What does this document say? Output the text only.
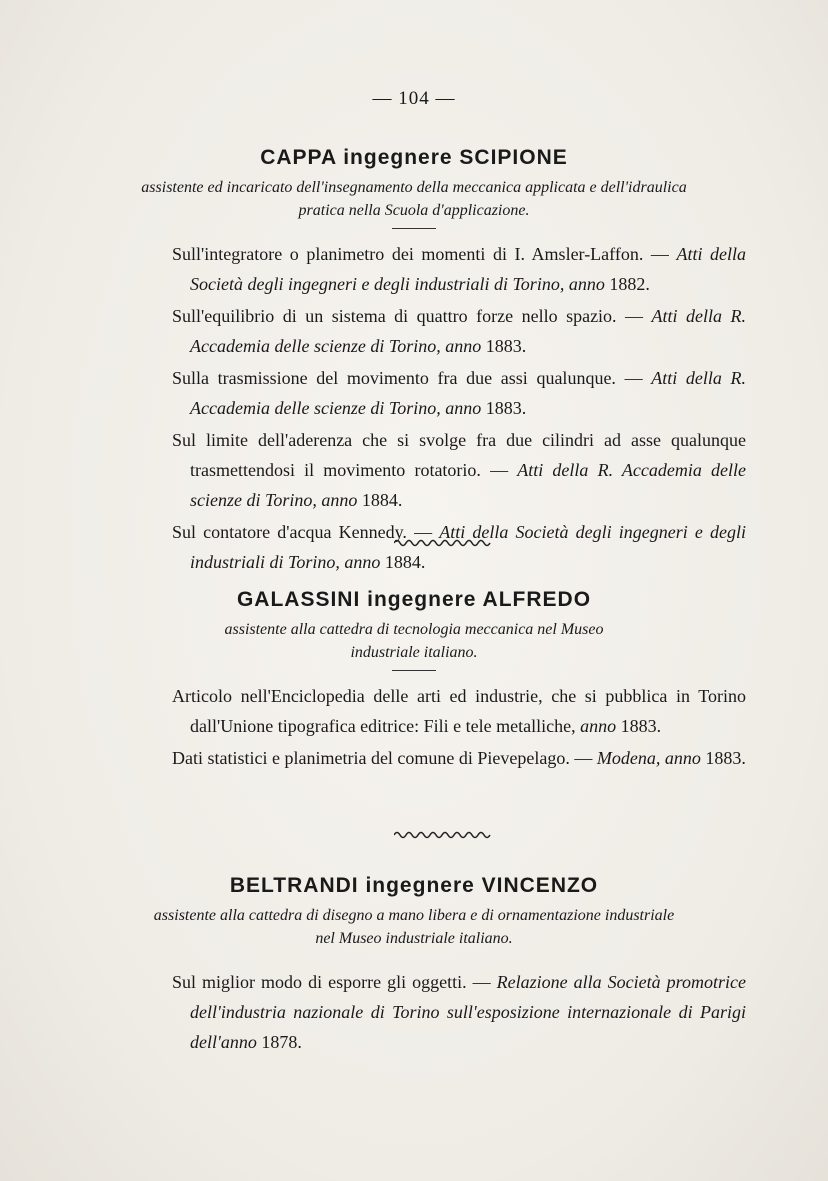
— 104 —

CAPPA ingegnere SCIPIONE

assistente ed incaricato dell'insegnamento della meccanica applicata e dell'idraulica pratica nella Scuola d'applicazione.

Sull'integratore o planimetro dei momenti di I. Amsler-Laffon. — Atti della Società degli ingegneri e degli industriali di Torino, anno 1882.

Sull'equilibrio di un sistema di quattro forze nello spazio. — Atti della R. Accademia delle scienze di Torino, anno 1883.

Sulla trasmissione del movimento fra due assi qualunque. — Atti della R. Accademia delle scienze di Torino, anno 1883.

Sul limite dell'aderenza che si svolge fra due cilindri ad asse qualunque trasmettendosi il movimento rotatorio. — Atti della R. Accademia delle scienze di Torino, anno 1884.

Sul contatore d'acqua Kennedy. — Atti della Società degli ingegneri e degli industriali di Torino, anno 1884.

GALASSINI ingegnere ALFREDO

assistente alla cattedra di tecnologia meccanica nel Museo industriale italiano.

Articolo nell'Enciclopedia delle arti ed industrie, che si pubblica in Torino dall'Unione tipografica editrice: Fili e tele metalliche, anno 1883.

Dati statistici e planimetria del comune di Pievepelago. — Modena, anno 1883.

BELTRANDI ingegnere VINCENZO

assistente alla cattedra di disegno a mano libera e di ornamentazione industriale nel Museo industriale italiano.

Sul miglior modo di esporre gli oggetti. — Relazione alla Società promotrice dell'industria nazionale di Torino sull'esposizione internazionale di Parigi dell'anno 1878.
